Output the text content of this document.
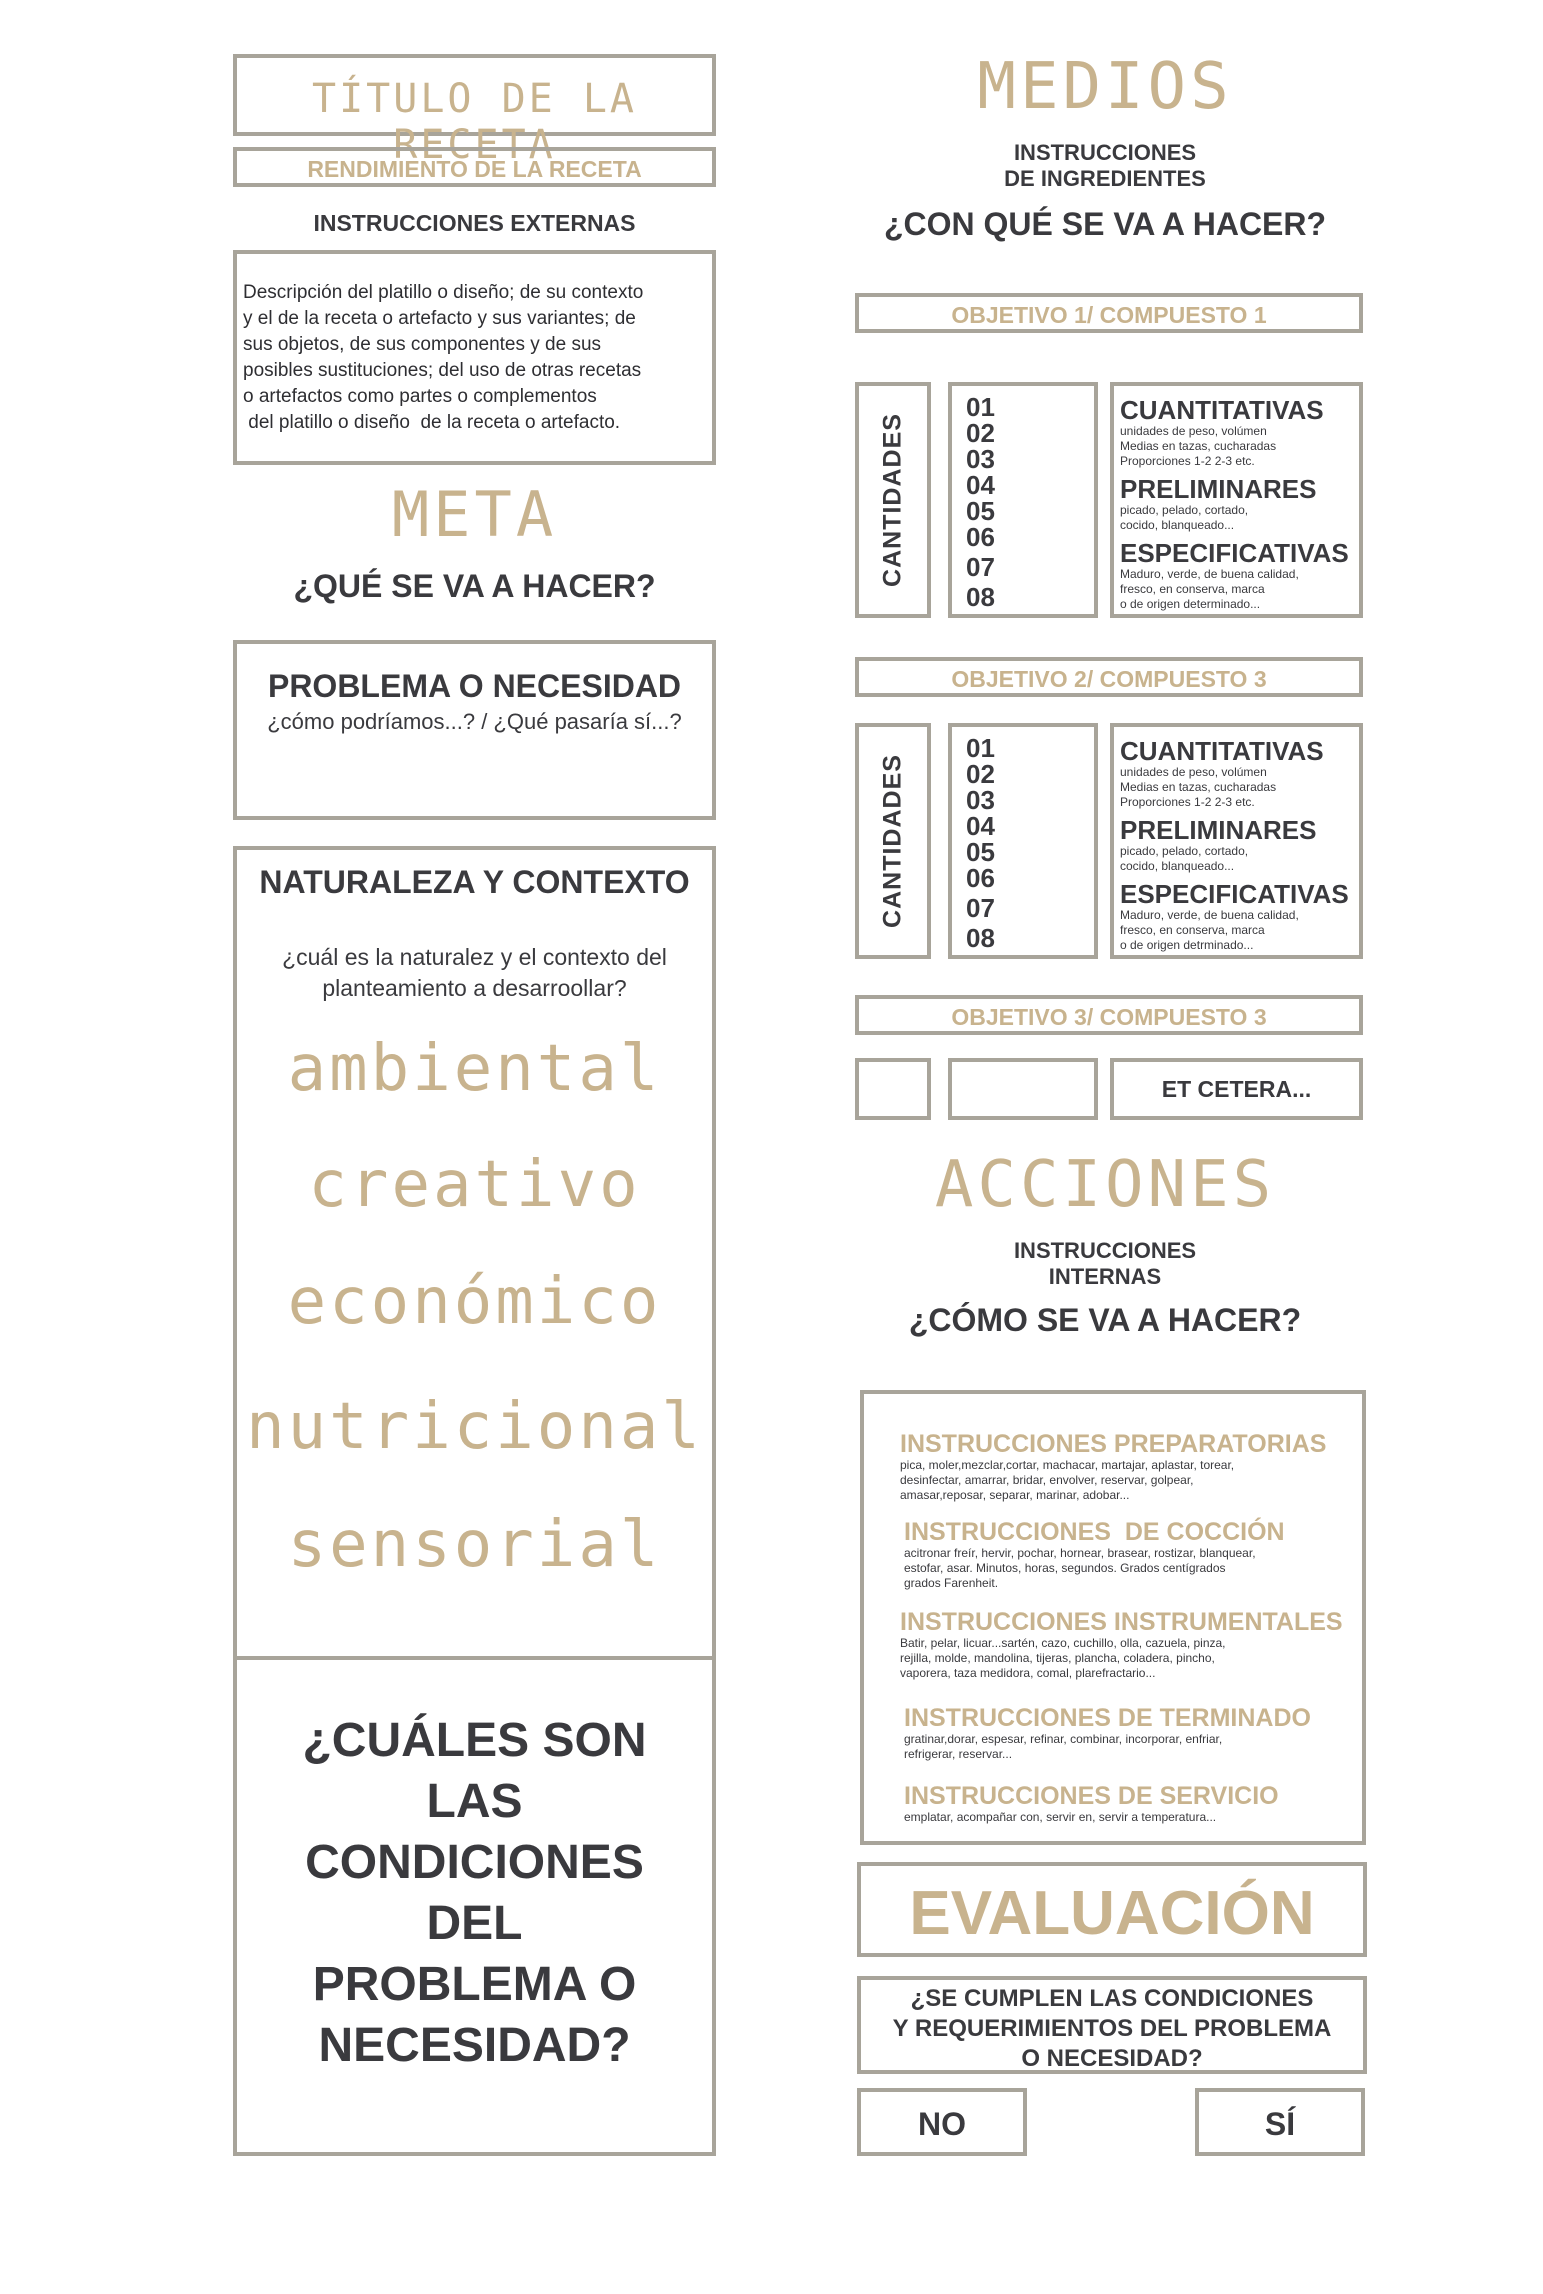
TÍTULO DE LA RECETA
RENDIMIENTO DE LA RECETA
INSTRUCCIONES EXTERNAS
Descripción del platillo o diseño; de su contexto
y el de la receta o artefacto y sus variantes; de
sus objetos, de sus componentes y de sus
posibles sustituciones; del uso de otras recetas
o artefactos como partes o complementos
del platillo o diseño  de la receta o artefacto.
META
¿QUÉ SE VA A HACER?
PROBLEMA O NECESIDAD
¿cómo podríamos...? / ¿Qué pasaría sí...?
NATURALEZA Y CONTEXTO
¿cuál es la naturalez y el contexto del
planteamiento a desarroollar?
ambiental
creativo
económico
nutricional
sensorial
¿CUÁLES SON
LAS
CONDICIONES
DEL
PROBLEMA O
NECESIDAD?
MEDIOS
INSTRUCCIONES
DE INGREDIENTES
¿CON QUÉ SE VA A HACER?
OBJETIVO 1/ COMPUESTO 1
CANTIDADES
01
02
03
04
05
06
07
08
CUANTITATIVAS
unidades de peso, volúmen
Medias en tazas, cucharadas
Proporciones 1-2 2-3 etc.
PRELIMINARES
picado, pelado, cortado,
cocido, blanqueado...
ESPECIFICATIVAS
Maduro, verde, de buena calidad,
fresco, en conserva, marca
o de origen determinado...
OBJETIVO 2/ COMPUESTO 3
CANTIDADES
01
02
03
04
05
06
07
08
CUANTITATIVAS
unidades de peso, volúmen
Medias en tazas, cucharadas
Proporciones 1-2 2-3 etc.
PRELIMINARES
picado, pelado, cortado,
cocido, blanqueado...
ESPECIFICATIVAS
Maduro, verde, de buena calidad,
fresco, en conserva, marca
o de origen detrminado...
OBJETIVO 3/ COMPUESTO 3
ET CETERA...
ACCIONES
INSTRUCCIONES
INTERNAS
¿CÓMO SE VA A HACER?
INSTRUCCIONES PREPARATORIAS
pica, moler,mezclar,cortar, machacar, martajar, aplastar, torear,
desinfectar, amarrar, bridar, envolver, reservar, golpear,
amasar,reposar, separar, marinar, adobar...
INSTRUCCIONES  DE COCCIÓN
acitronar freír, hervir, pochar, hornear, brasear, rostizar, blanquear,
estofar, asar. Minutos, horas, segundos. Grados centígrados
grados Farenheit.
INSTRUCCIONES INSTRUMENTALES
Batir, pelar, licuar...sartén, cazo, cuchillo, olla, cazuela, pinza,
rejilla, molde, mandolina, tijeras, plancha, coladera, pincho,
vaporera, taza medidora, comal, plarefractario...
INSTRUCCIONES DE TERMINADO
gratinar,dorar, espesar, refinar, combinar, incorporar, enfriar,
refrigerar, reservar...
INSTRUCCIONES DE SERVICIO
emplatar, acompañar con, servir en, servir a temperatura...
EVALUACIÓN
¿SE CUMPLEN LAS CONDICIONES
Y REQUERIMIENTOS DEL PROBLEMA
O NECESIDAD?
NO	SÍ
